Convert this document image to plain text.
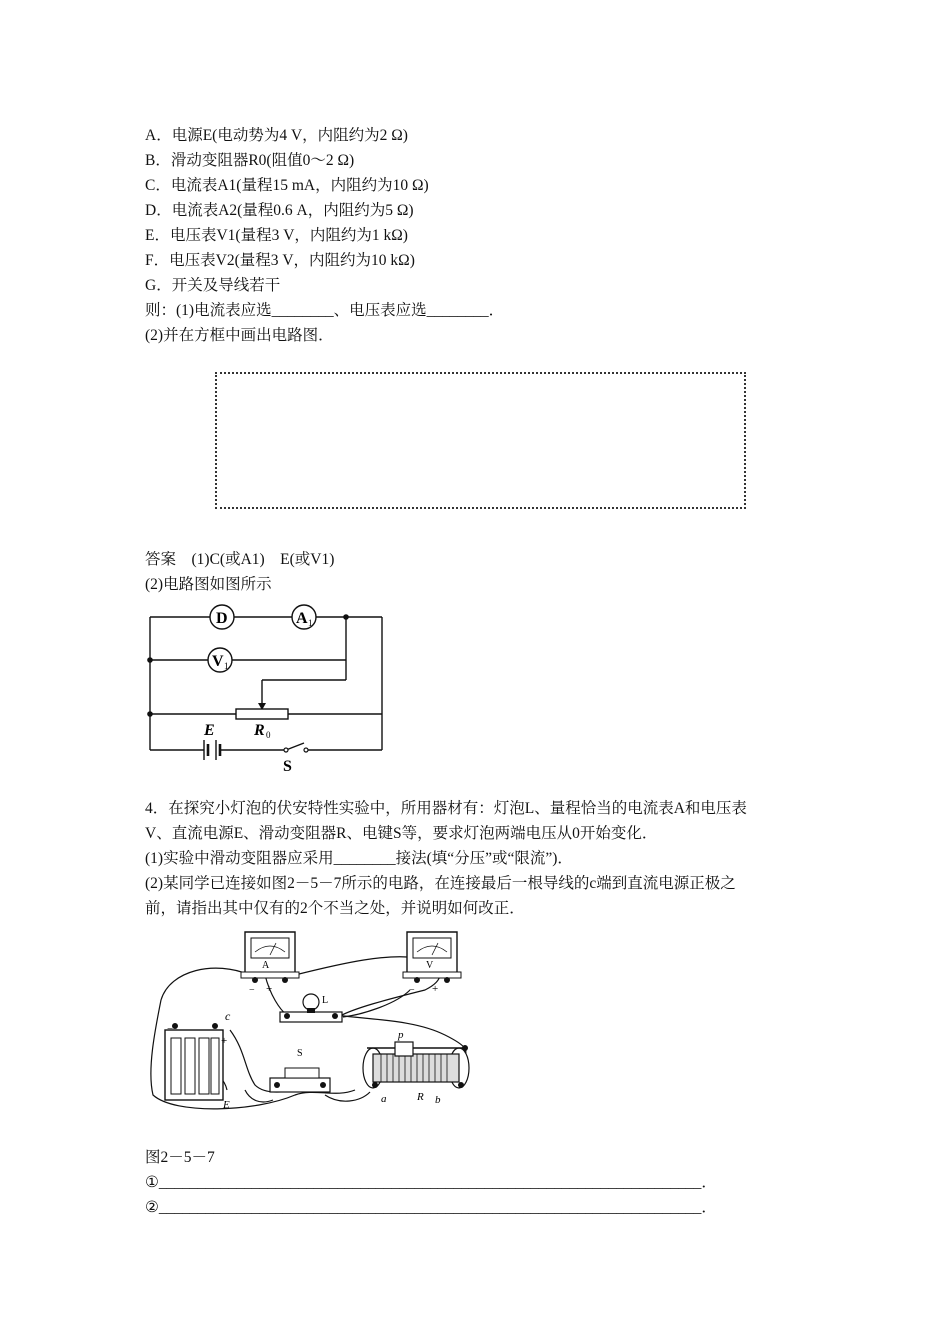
A．电源E(电动势为4 V，内阻约为2 Ω)
B．滑动变阻器R0(阻值0～2 Ω)
C．电流表A1(量程15 mA，内阻约为10 Ω)
D．电流表A2(量程0.6 A，内阻约为5 Ω)
E．电压表V1(量程3 V，内阻约为1 kΩ)
F．电压表V2(量程3 V，内阻约为10 kΩ)
G．开关及导线若干
则：(1)电流表应选________、电压表应选________．
(2)并在方框中画出电路图．
答案　(1)C(或A1)　E(或V1)
(2)电路图如图所示
D	A 1
V 1
E R 0
S
4．在探究小灯泡的伏安特性实验中，所用器材有：灯泡L、量程恰当的电流表A和电压表
V、直流电源E、滑动变阻器R、电键S等，要求灯泡两端电压从0开始变化．
(1)实验中滑动变阻器应采用________接法(填“分压”或“限流”)．
(2)某同学已连接如图2－5－7所示的电路，在连接最后一根导线的c端到直流电源正极之
前，请指出其中仅有的2个不当之处，并说明如何改正．
A	V
− +	− +
L
c
S
−
+
E
p
a	R b
图2－5－7
①______________________________________________________________________．
②______________________________________________________________________．
